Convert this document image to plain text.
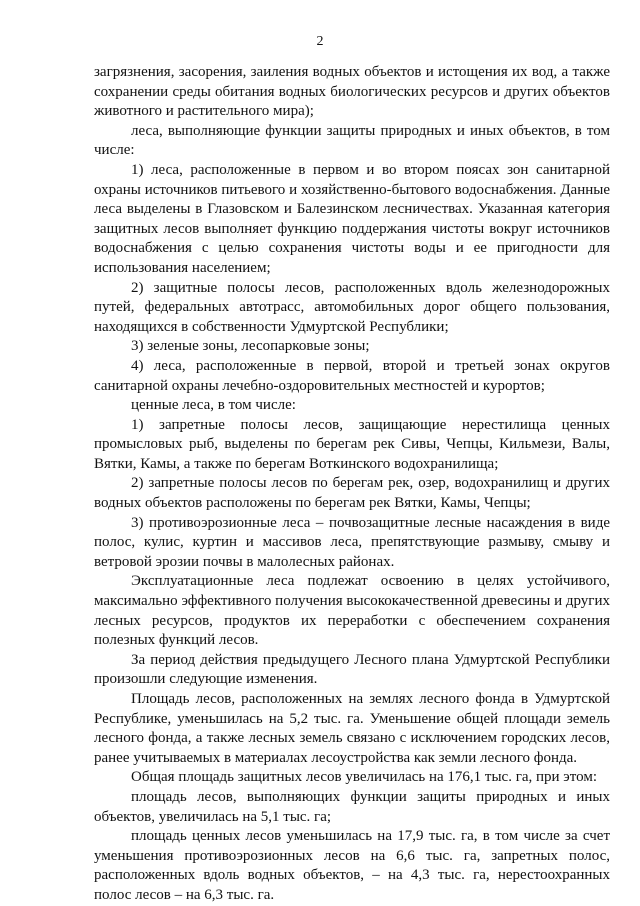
2

загрязнения, засорения, заиления водных объектов и истощения их вод, а также сохранении среды обитания водных биологических ресурсов и других объектов животного и растительного мира);

леса, выполняющие функции защиты природных и иных объектов, в том числе:

1) леса, расположенные в первом и во втором поясах зон санитарной охраны источников питьевого и хозяйственно-бытового водоснабжения. Данные леса выделены в Глазовском и Балезинском лесничествах. Указанная категория защитных лесов выполняет функцию поддержания чистоты вокруг источников водоснабжения с целью сохранения чистоты воды и ее пригодности для использования населением;

2) защитные полосы лесов, расположенных вдоль железнодорожных путей, федеральных автотрасс, автомобильных дорог общего пользования, находящихся в собственности Удмуртской Республики;

3) зеленые зоны, лесопарковые зоны;

4) леса, расположенные в первой, второй и третьей зонах округов санитарной охраны лечебно-оздоровительных местностей и курортов;

ценные леса, в том числе:

1) запретные полосы лесов, защищающие нерестилища ценных промысловых рыб, выделены по берегам рек Сивы, Чепцы, Кильмези, Валы, Вятки, Камы, а также по берегам Воткинского водохранилища;

2) запретные полосы лесов по берегам рек, озер, водохранилищ и других водных объектов расположены по берегам рек Вятки, Камы, Чепцы;

3) противоэрозионные леса – почвозащитные лесные насаждения в виде полос, кулис, куртин и массивов леса, препятствующие размыву, смыву и ветровой эрозии почвы в малолесных районах.

Эксплуатационные леса подлежат освоению в целях устойчивого, максимально эффективного получения высококачественной древесины и других лесных ресурсов, продуктов их переработки с обеспечением сохранения полезных функций лесов.

За период действия предыдущего Лесного плана Удмуртской Республики произошли следующие изменения.

Площадь лесов, расположенных на землях лесного фонда в Удмуртской Республике, уменьшилась на 5,2 тыс. га. Уменьшение общей площади земель лесного фонда, а также лесных земель связано с исключением городских лесов, ранее учитываемых в материалах лесоустройства как земли лесного фонда.

Общая площадь защитных лесов увеличилась на 176,1 тыс. га, при этом:

площадь лесов, выполняющих функции защиты природных и иных объектов, увеличилась на 5,1 тыс. га;

площадь ценных лесов уменьшилась на 17,9 тыс. га, в том числе за счет уменьшения противоэрозионных лесов на 6,6 тыс. га, запретных полос, расположенных вдоль водных объектов, – на 4,3 тыс. га, нерестоохранных полос лесов – на 6,3 тыс. га.
